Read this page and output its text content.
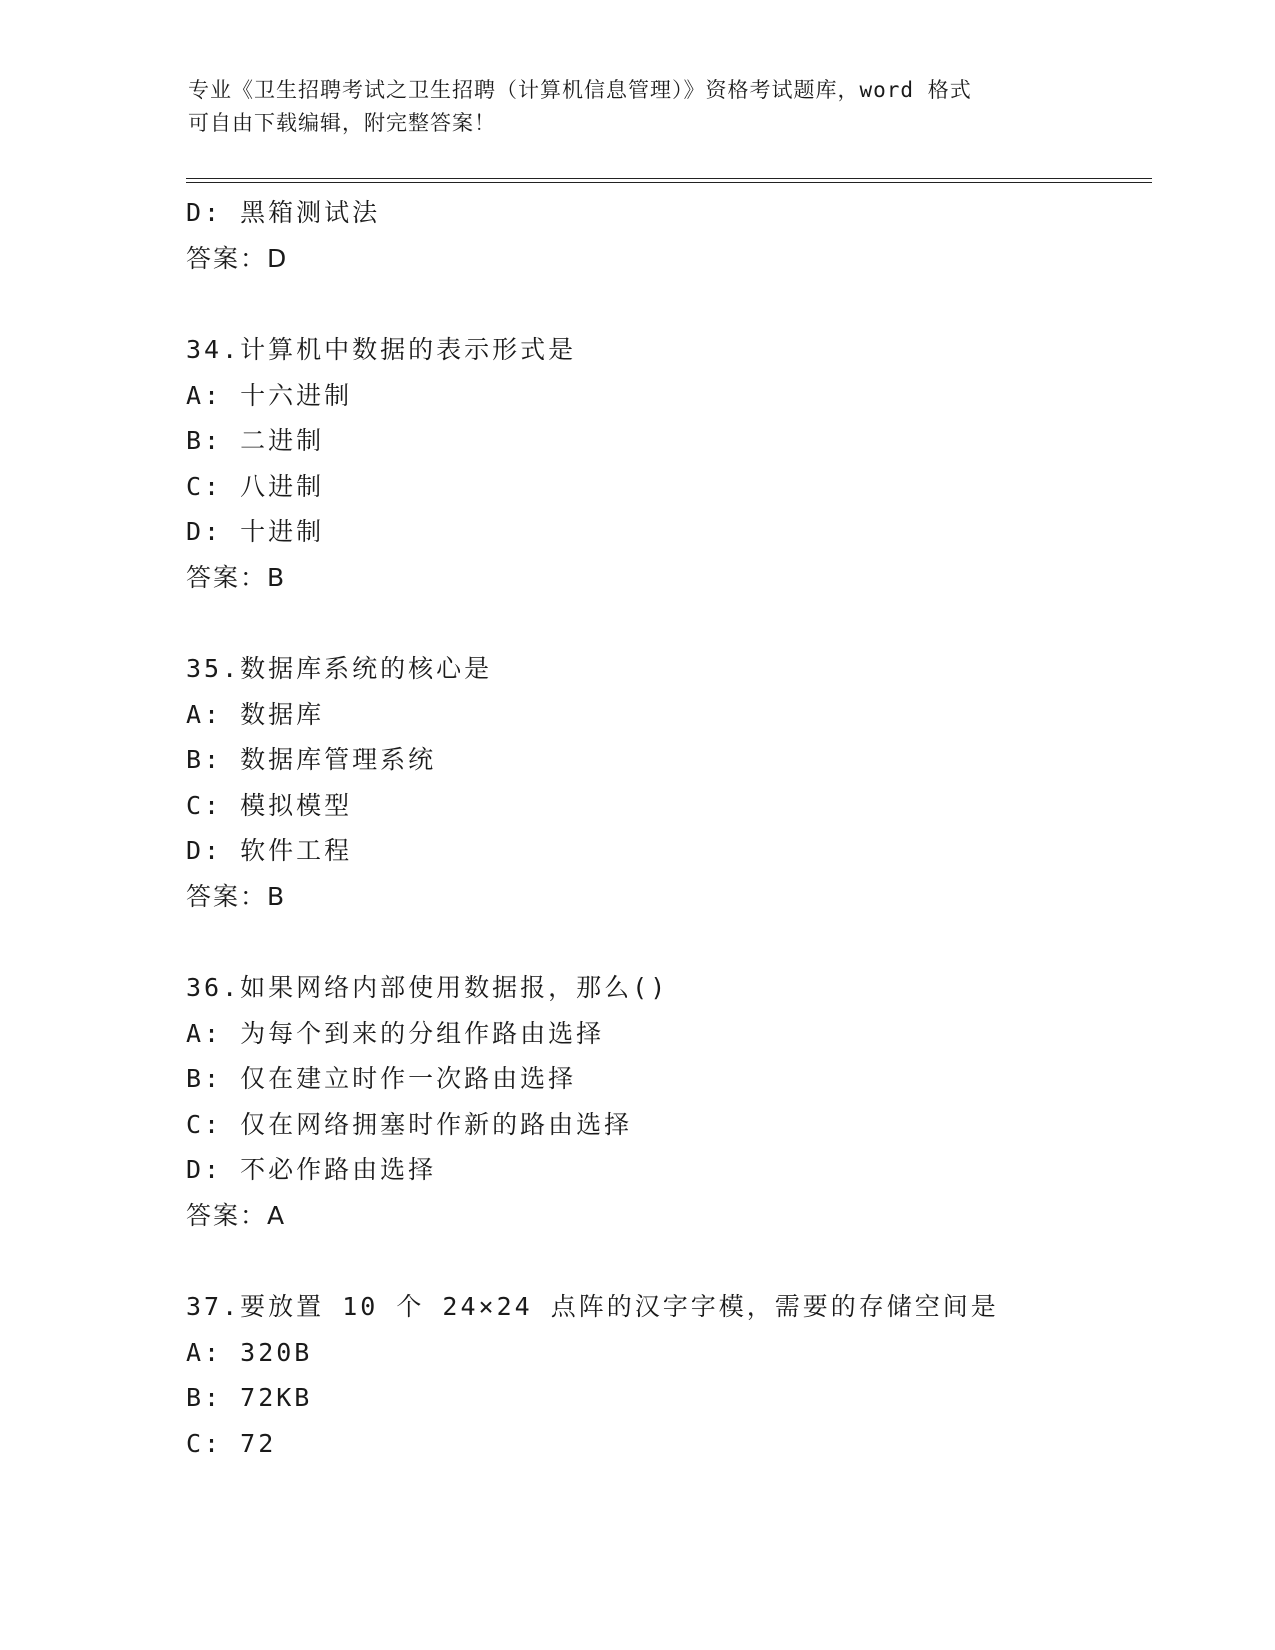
专业《卫生招聘考试之卫生招聘（计算机信息管理）》资格考试题库，word 格式
可自由下载编辑，附完整答案！
D: 黑箱测试法
答案：D
34.计算机中数据的表示形式是
A: 十六进制
B: 二进制
C: 八进制
D: 十进制
答案：B
35.数据库系统的核心是
A: 数据库
B: 数据库管理系统
C: 模拟模型
D: 软件工程
答案：B
36.如果网络内部使用数据报，那么()
A: 为每个到来的分组作路由选择
B: 仅在建立时作一次路由选择
C: 仅在网络拥塞时作新的路由选择
D: 不必作路由选择
答案：A
37.要放置 10 个 24×24 点阵的汉字字模，需要的存储空间是
A: 320B
B: 72KB
C: 72
